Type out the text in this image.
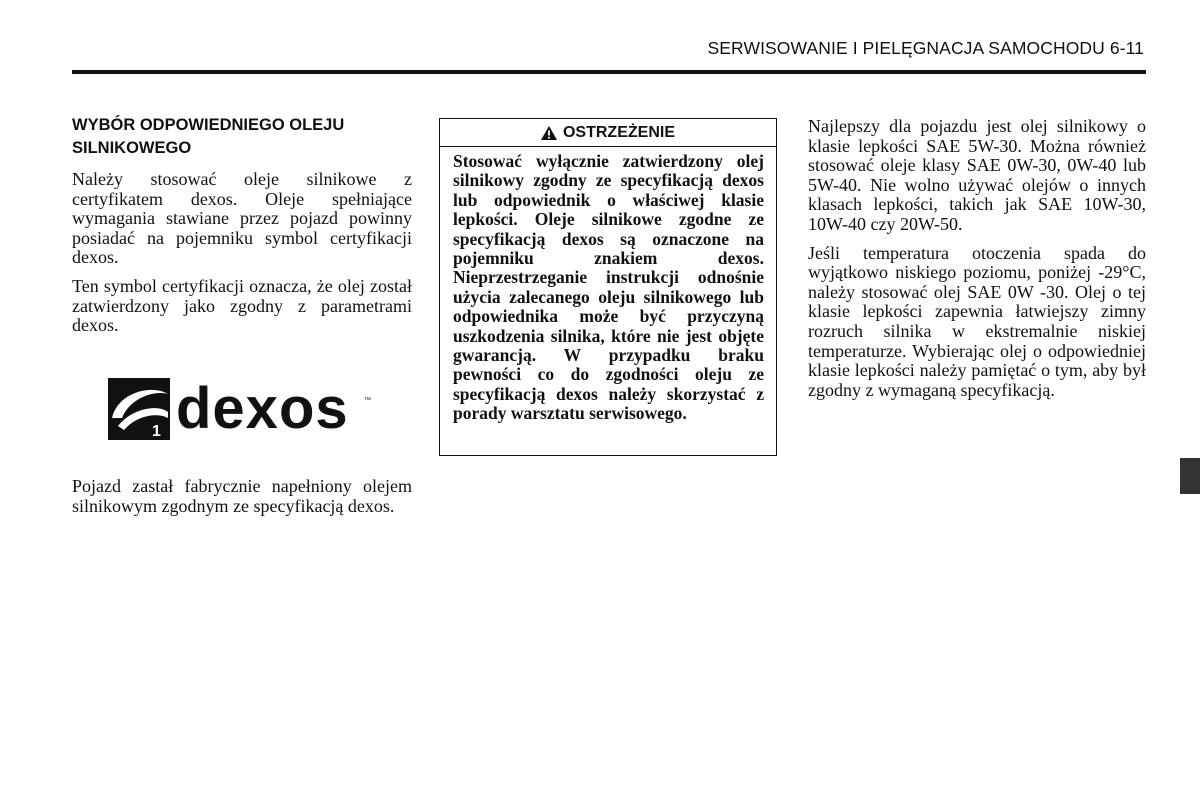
SERWISOWANIE I PIELĘGNACJA SAMOCHODU 6-11
WYBÓR ODPOWIEDNIEGO OLEJU SILNIKOWEGO

Należy stosować oleje silnikowe z certyfikatem dexos. Oleje spełniające wymagania stawiane przez pojazd powinny posiadać na pojemniku symbol certyfikacji dexos.

Ten symbol certyfikacji oznacza, że olej został zatwierdzony jako zgodny z parametrami dexos.

1 dexos ™

Pojazd zastał fabrycznie napełniony olejem silnikowym zgodnym ze specyfikacją dexos.

OSTRZEŻENIE
Stosować wyłącznie zatwierdzony olej silnikowy zgodny ze specyfikacją dexos lub odpowiednik o właściwej klasie lepkości. Oleje silnikowe zgodne ze specyfikacją dexos są oznaczone na pojemniku znakiem dexos. Nieprzestrzeganie instrukcji odnośnie użycia zalecanego oleju silnikowego lub odpowiednika może być przyczyną uszkodzenia silnika, które nie jest objęte gwarancją. W przypadku braku pewności co do zgodności oleju ze specyfikacją dexos należy skorzystać z porady warsztatu serwisowego.

Najlepszy dla pojazdu jest olej silnikowy o klasie lepkości SAE 5W-30. Można również stosować oleje klasy SAE 0W-30, 0W-40 lub 5W-40. Nie wolno używać olejów o innych klasach lepkości, takich jak SAE 10W-30, 10W-40 czy 20W-50.

Jeśli temperatura otoczenia spada do wyjątkowo niskiego poziomu, poniżej -29°C, należy stosować olej SAE 0W -30. Olej o tej klasie lepkości zapewnia łatwiejszy zimny rozruch silnika w ekstremalnie niskiej temperaturze. Wybierając olej o odpowiedniej klasie lepkości należy pamiętać o tym, aby był zgodny z wymaganą specyfikacją.
